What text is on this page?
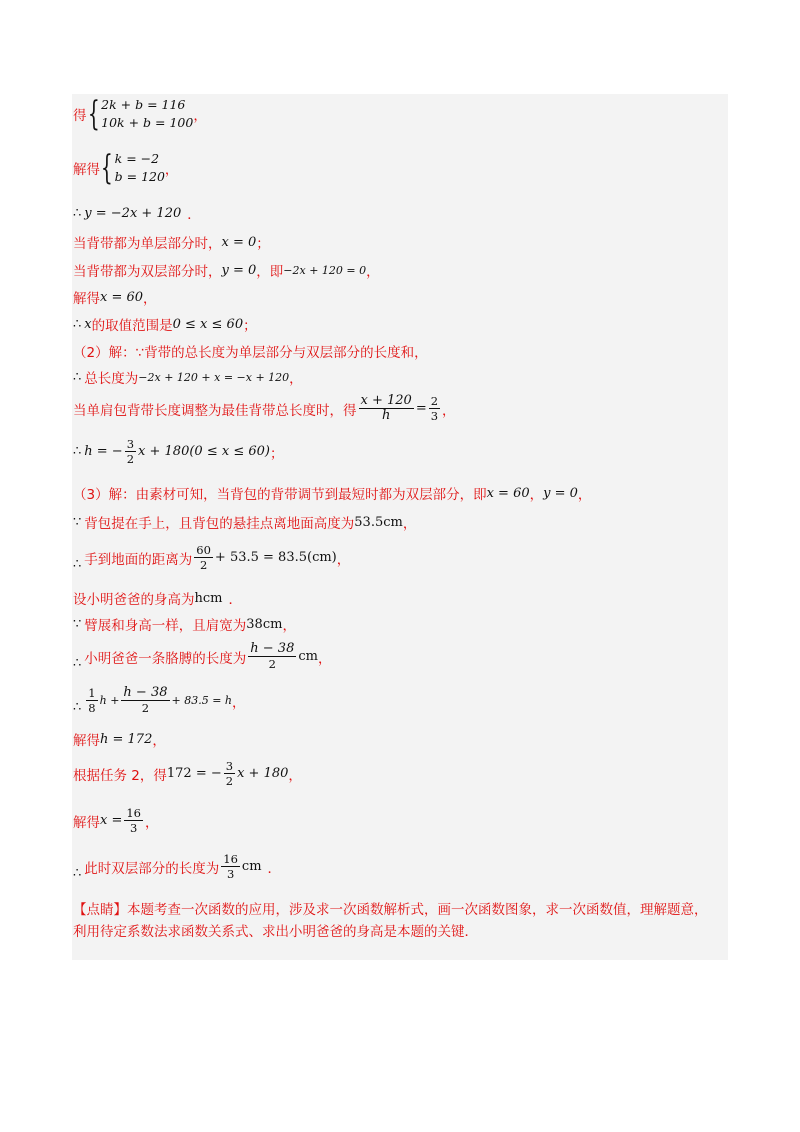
得 { 2k + b = 116
10k + b = 100 ，
解得 { k = −2
b = 120 ，
∴ y = −2x + 120 ．
当背带都为单层部分时， x = 0 ；
当背带都为双层部分时， y = 0 ，即 −2x + 120 = 0 ，
解得 x = 60 ，
∴ x 的取值范围是 0 ≤ x ≤ 60 ；
（2）解：∵背带的总长度为单层部分与双层部分的长度和，
∴ 总长度为 −2x + 120 + x = −x + 120 ，
当单肩包背带长度调整为最佳背带总长度时，得 $\frac{x + 120}{h} = \frac{2}{3}$ ，
∴ h = − $\frac{3}{2}$ x + 180(0 ≤ x ≤ 60) ；
（3）解：由素材可知，当背包的背带调节到最短时都为双层部分，即 x = 60 ， y = 0 ，
∵ 背包提在手上，且背包的悬挂点离地面高度为 53.5cm ，
∴ 手到地面的距离为 $\frac{60}{2} + 53.5 = 83.5(cm)$ ，
设小明爸爸的身高为 hcm ．
∵ 臂展和身高一样，且肩宽为 38cm ，
∴ 小明爸爸一条胳膊的长度为 $\frac{h - 38}{2}$ cm ，
∴ $\frac{1}{8}$ $h + \frac{h - 38}{2} + 83.5 = h$ ，
解得 h = 172 ，
根据任务 2，得 172 = − $\frac{3}{2}$ x + 180 ，
解得 $x = \frac{16}{3}$ ，
∴ 此时双层部分的长度为 $\frac{16}{3}$ cm ．
【点睛】本题考查一次函数的应用，涉及求一次函数解析式，画一次函数图象，求一次函数值，理解题意，
利用待定系数法求函数关系式、求出小明爸爸的身高是本题的关键．
